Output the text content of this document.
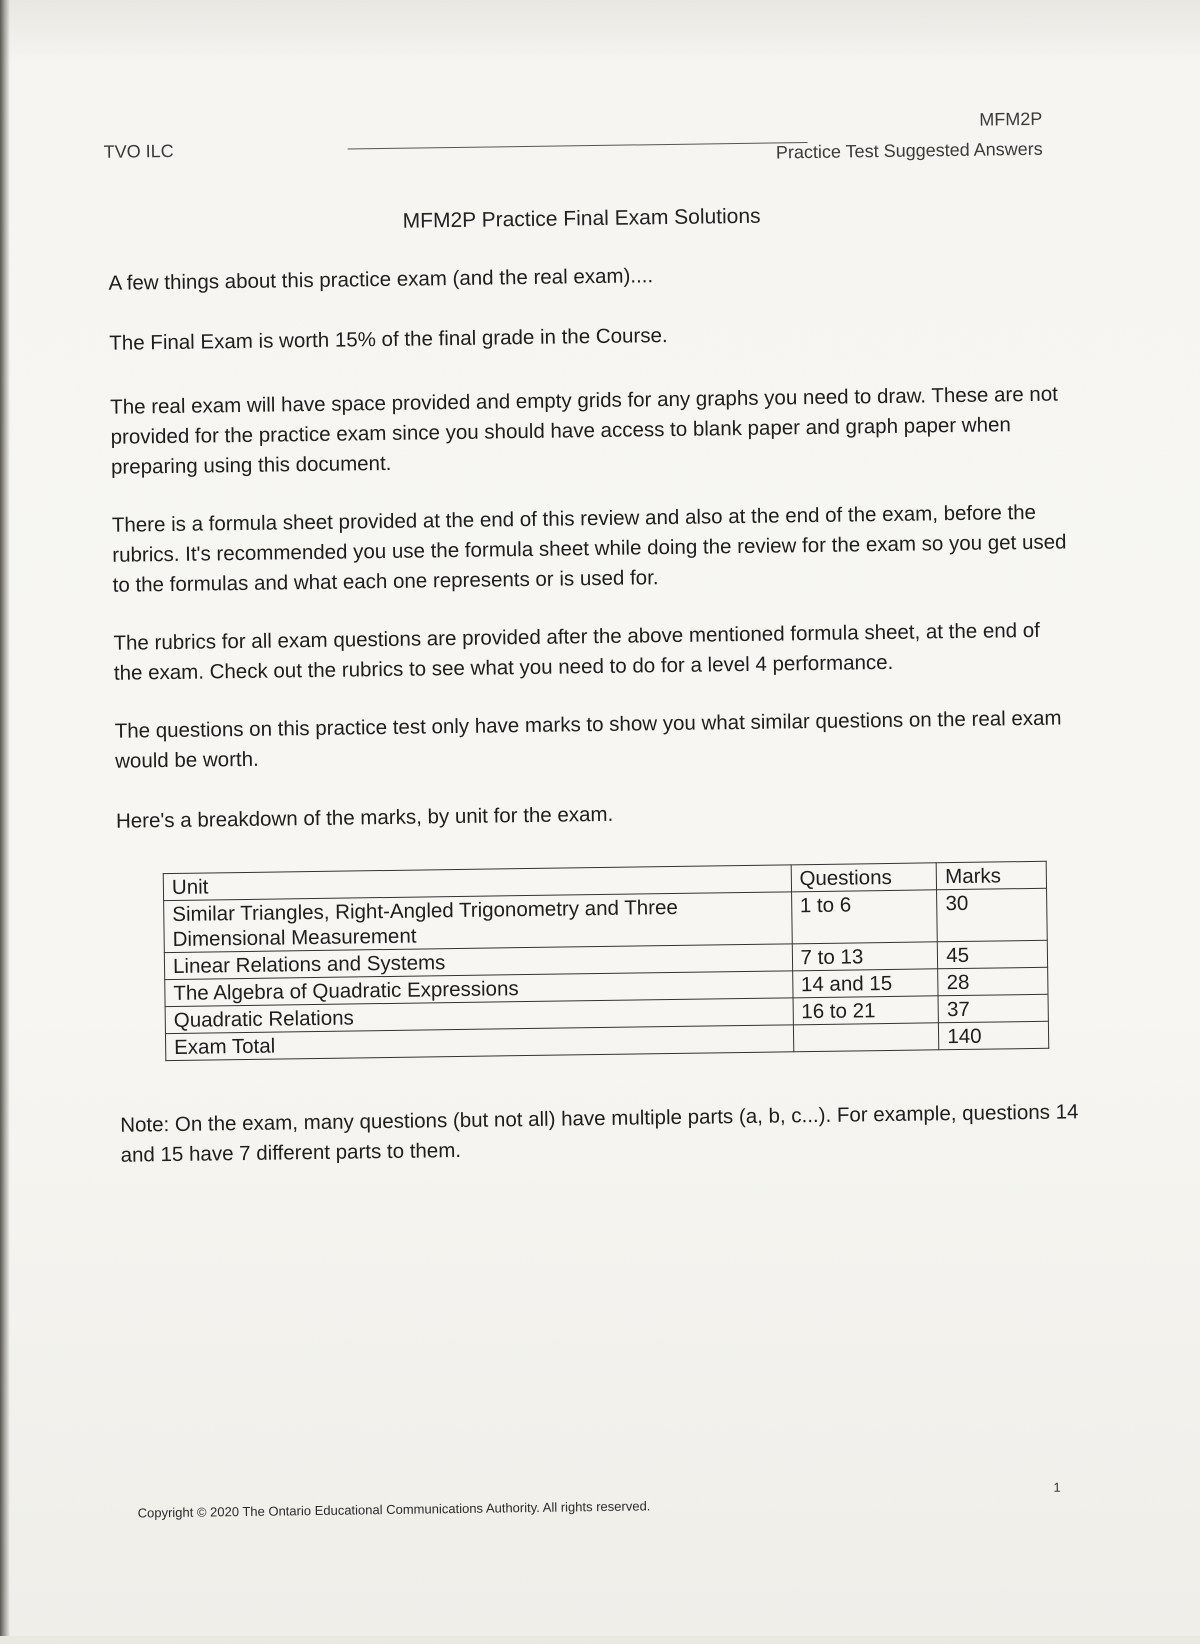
TVO ILC
MFM2P
Practice Test Suggested Answers
MFM2P Practice Final Exam Solutions
A few things about this practice exam (and the real exam)....
The Final Exam is worth 15% of the final grade in the Course.
The real exam will have space provided and empty grids for any graphs you need to draw. These are not provided for the practice exam since you should have access to blank paper and graph paper when preparing using this document.
There is a formula sheet provided at the end of this review and also at the end of the exam, before the rubrics. It's recommended you use the formula sheet while doing the review for the exam so you get used to the formulas and what each one represents or is used for.
The rubrics for all exam questions are provided after the above mentioned formula sheet, at the end of the exam. Check out the rubrics to see what you need to do for a level 4 performance.
The questions on this practice test only have marks to show you what similar questions on the real exam would be worth.
Here's a breakdown of the marks, by unit for the exam.
Unit	Questions	Marks
Similar Triangles, Right-Angled Trigonometry and Three Dimensional Measurement	1 to 6	30
Linear Relations and Systems	7 to 13	45
The Algebra of Quadratic Expressions	14 and 15	28
Quadratic Relations	16 to 21	37
Exam Total		140
Note: On the exam, many questions (but not all) have multiple parts (a, b, c...). For example, questions 14 and 15 have 7 different parts to them.
Copyright © 2020 The Ontario Educational Communications Authority. All rights reserved.
1
